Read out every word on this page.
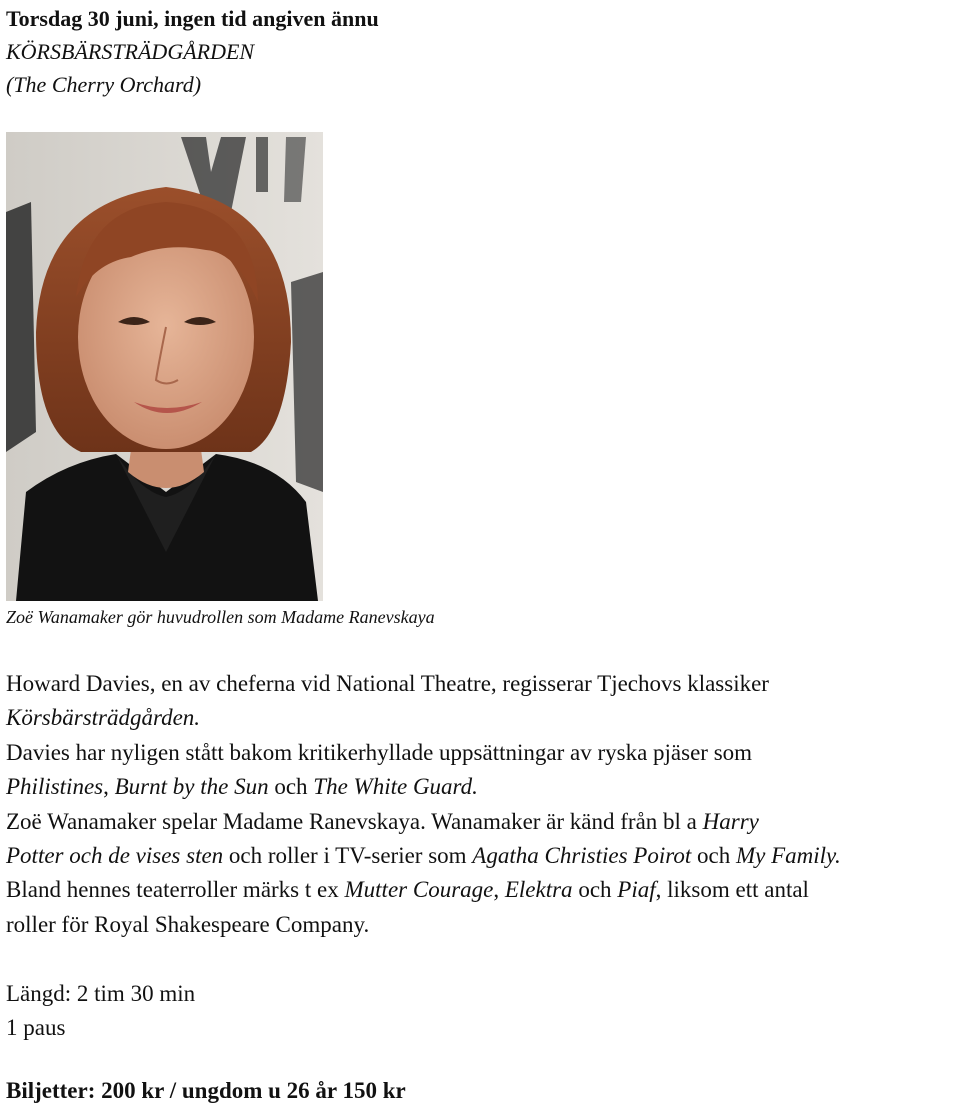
Torsdag 30 juni, ingen tid angiven ännu
KÖRSBÄRSTRÄDGÅRDEN
(The Cherry Orchard)
Zoë Wanamaker gör huvudrollen som Madame Ranevskaya
Howard Davies, en av cheferna vid National Theatre, regisserar Tjechovs klassiker
Körsbärsträdgården.
Davies har nyligen stått bakom kritikerhyllade uppsättningar av ryska pjäser som
Philistines, Burnt by the Sun och The White Guard.
Zoë Wanamaker spelar Madame Ranevskaya. Wanamaker är känd från bl a Harry
Potter och de vises sten och roller i TV-serier som Agatha Christies Poirot och My Family.
Bland hennes teaterroller märks t ex Mutter Courage, Elektra och Piaf, liksom ett antal
roller för Royal Shakespeare Company.
Längd: 2 tim 30 min
1 paus
Biljetter: 200 kr / ungdom u 26 år 150 kr
